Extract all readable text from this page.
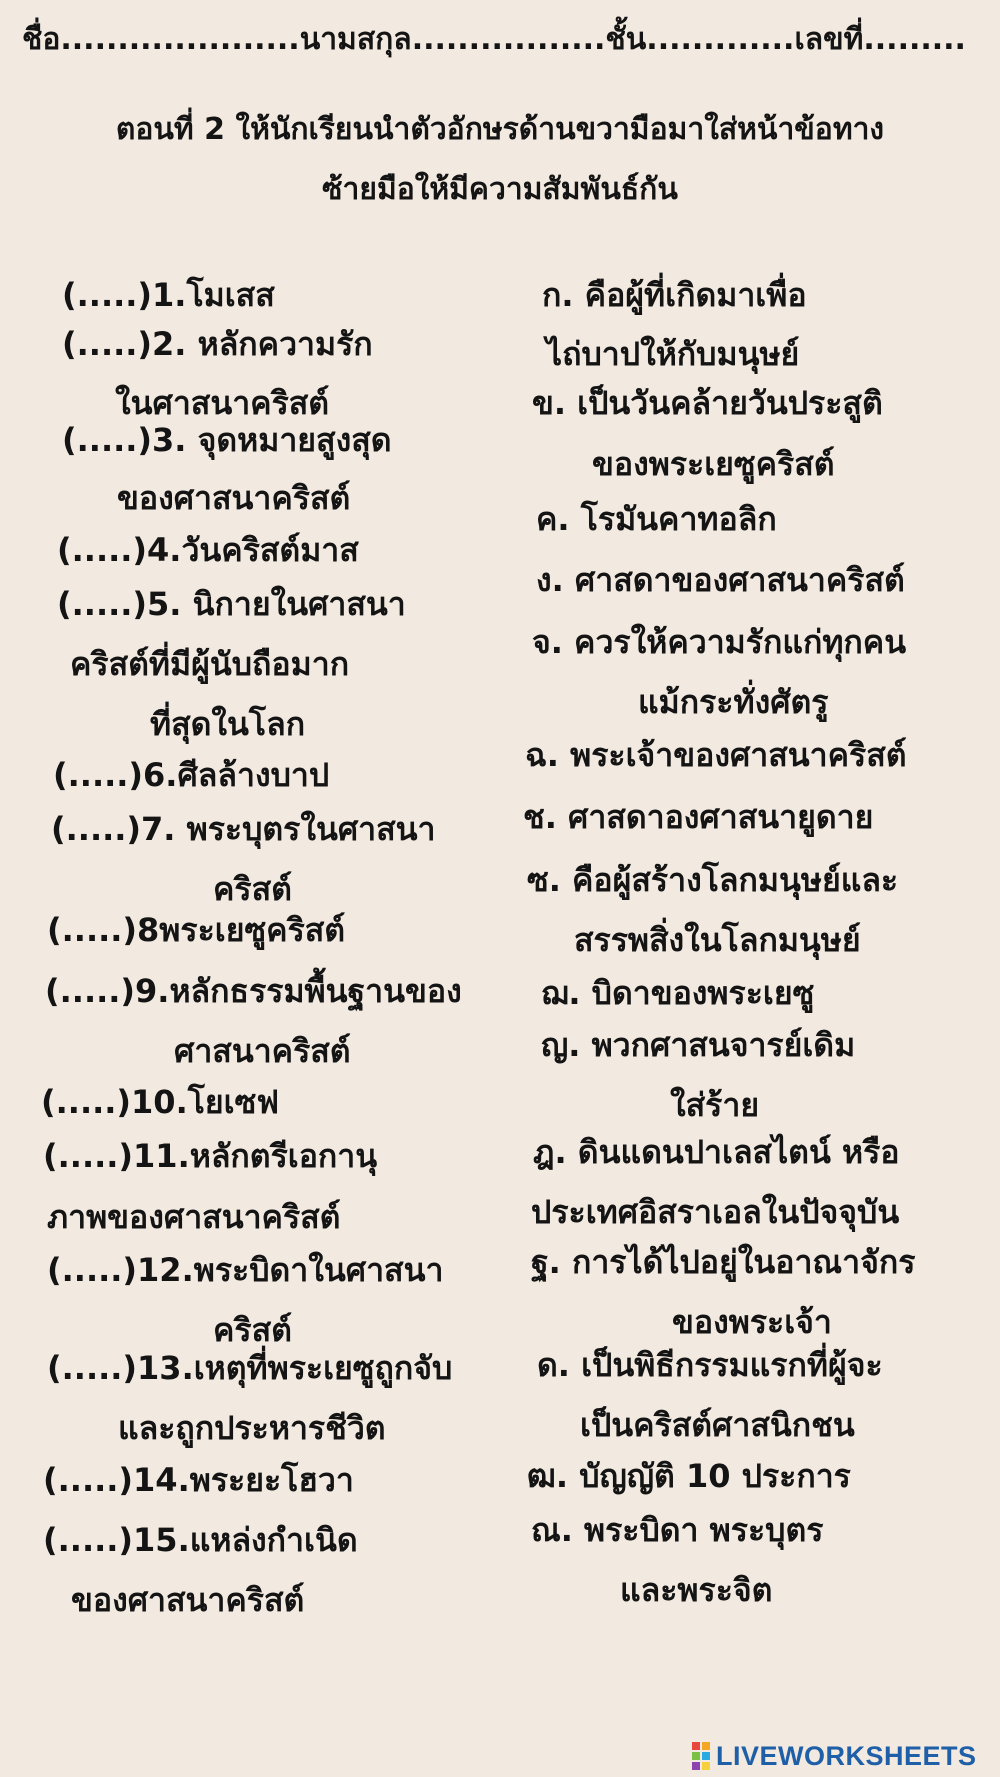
ชื่อ.....................นามสกุล.................ชั้น.............เลขที่.........
ตอนที่ 2 ให้นักเรียนนำตัวอักษรด้านขวามือมาใส่หน้าข้อทาง
ซ้ายมือให้มีความสัมพันธ์กัน
(.....)1.โมเสส
(.....)2. หลักความรัก
ในศาสนาคริสต์
(.....)3. จุดหมายสูงสุด
ของศาสนาคริสต์
(.....)4.วันคริสต์มาส
(.....)5. นิกายในศาสนา
คริสต์ที่มีผู้นับถือมาก
ที่สุดในโลก
(.....)6.ศีลล้างบาป
(.....)7. พระบุตรในศาสนา
คริสต์
(.....)8พระเยซูคริสต์
(.....)9.หลักธรรมพื้นฐานของ
ศาสนาคริสต์
(.....)10.โยเซฟ
(.....)11.หลักตรีเอกานุ
ภาพของศาสนาคริสต์
(.....)12.พระบิดาในศาสนา
คริสต์
(.....)13.เหตุที่พระเยซูถูกจับ
และถูกประหารชีวิต
(.....)14.พระยะโฮวา
(.....)15.แหล่งกำเนิด
ของศาสนาคริสต์
ก. คือผู้ที่เกิดมาเพื่อ
ไถ่บาปให้กับมนุษย์
ข. เป็นวันคล้ายวันประสูติ
ของพระเยซูคริสต์
ค. โรมันคาทอลิก
ง. ศาสดาของศาสนาคริสต์
จ. ควรให้ความรักแก่ทุกคน
แม้กระทั่งศัตรู
ฉ. พระเจ้าของศาสนาคริสต์
ช. ศาสดาองศาสนายูดาย
ซ. คือผู้สร้างโลกมนุษย์และ
สรรพสิ่งในโลกมนุษย์
ฌ. บิดาของพระเยซู
ญ. พวกศาสนจารย์เดิม
ใส่ร้าย
ฎ. ดินแดนปาเลสไตน์ หรือ
ประเทศอิสราเอลในปัจจุบัน
ฐ. การได้ไปอยู่ในอาณาจักร
ของพระเจ้า
ด. เป็นพิธีกรรมแรกที่ผู้จะ
เป็นคริสต์ศาสนิกชน
ฒ. บัญญัติ 10 ประการ
ณ. พระบิดา พระบุตร
และพระจิต
LIVEWORKSHEETS
